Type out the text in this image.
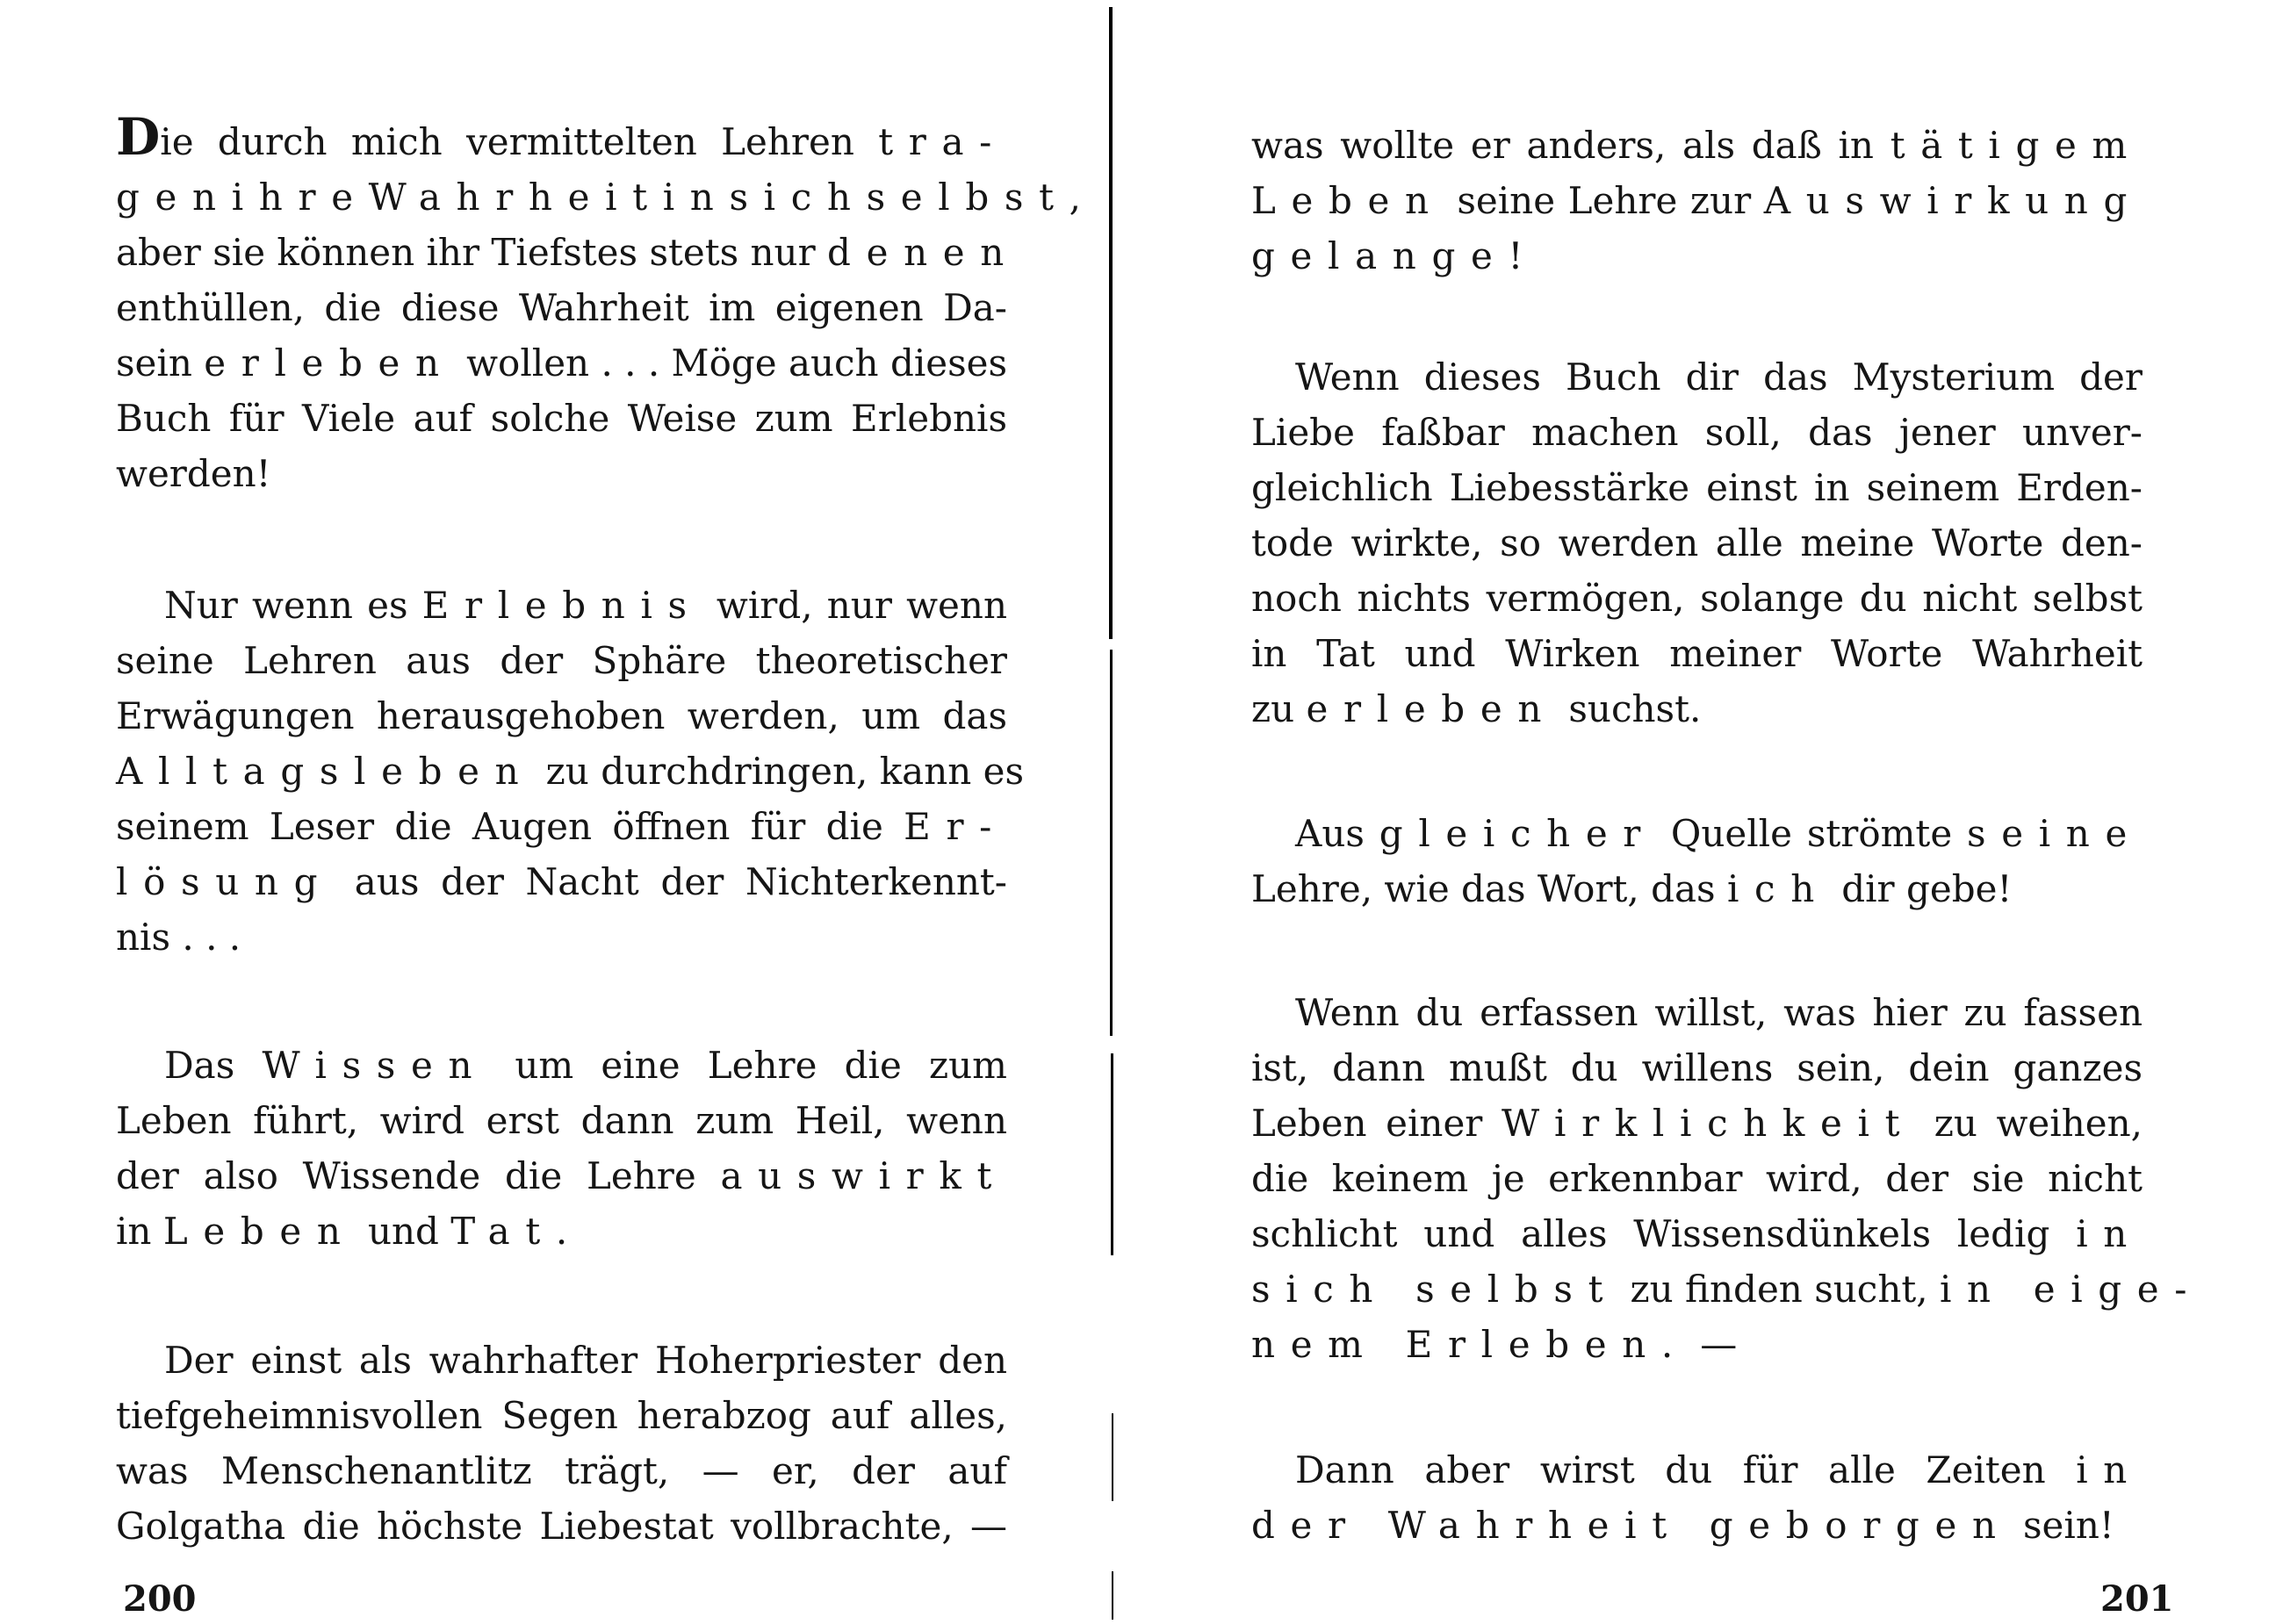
Die durch mich vermittelten Lehren tra-
genihreWahrheitinsichselbst,
aber sie können ihr Tiefstes stets nur denen
enthüllen, die diese Wahrheit im eigenen Da-
sein erleben wollen . . . Möge auch dieses
Buch für Viele auf solche Weise zum Erlebnis
werden!
Nur wenn es Erlebnis wird, nur wenn
seine Lehren aus der Sphäre theoretischer
Erwägungen herausgehoben werden, um das
Alltagsleben zu durchdringen, kann es
seinem Leser die Augen öffnen für die Er-
lösung aus der Nacht der Nichterkennt-
nis . . .
Das Wissen um eine Lehre die zum
Leben führt, wird erst dann zum Heil, wenn
der also Wissende die Lehre auswirkt
in Leben und Tat.
Der einst als wahrhafter Hoherpriester den
tiefgeheimnisvollen Segen herabzog auf alles,
was Menschenantlitz trägt, — er, der auf
Golgatha die höchste Liebestat vollbrachte, —
200
was wollte er anders, als daß in tätigem
Leben seine Lehre zur Auswirkung
gelange!
Wenn dieses Buch dir das Mysterium der
Liebe faßbar machen soll, das jener unver-
gleichlich Liebesstärke einst in seinem Erden-
tode wirkte, so werden alle meine Worte den-
noch nichts vermögen, solange du nicht selbst
in Tat und Wirken meiner Worte Wahrheit
zu erleben suchst.
Aus gleicher Quelle strömte seine
Lehre, wie das Wort, das ich dir gebe!
Wenn du erfassen willst, was hier zu fassen
ist, dann mußt du willens sein, dein ganzes
Leben einer Wirklichkeit zu weihen,
die keinem je erkennbar wird, der sie nicht
schlicht und alles Wissensdünkels ledig in
sich selbst zu finden sucht, in eige-
nem Erleben. —
Dann aber wirst du für alle Zeiten in
der Wahrheit geborgen sein!
201
